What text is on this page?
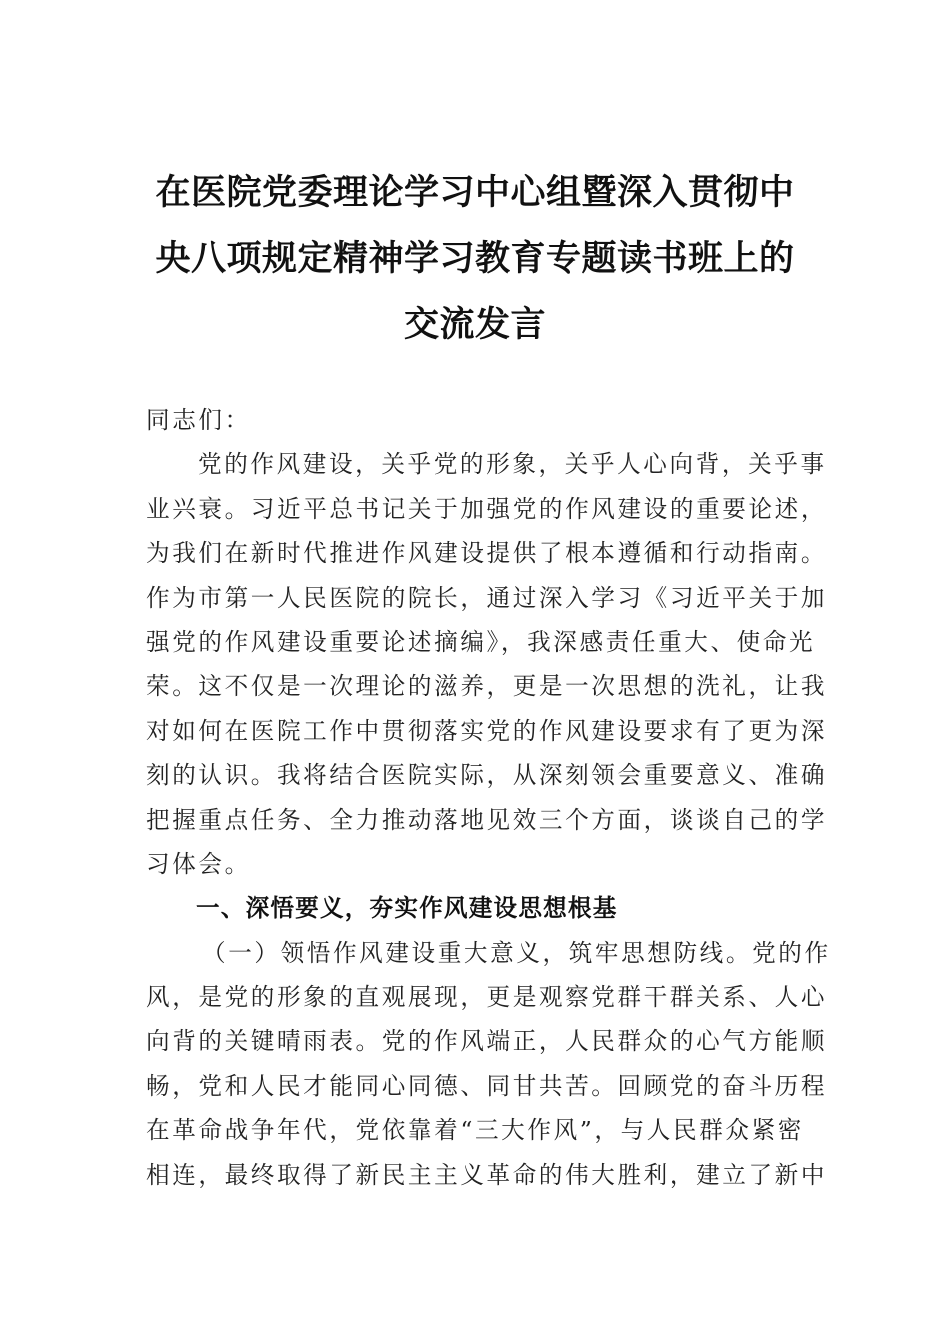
在医院党委理论学习中心组暨深入贯彻中
央八项规定精神学习教育专题读书班上的
交流发言
同志们：
党的作风建设，关乎党的形象，关乎人心向背，关乎事
业兴衰。习近平总书记关于加强党的作风建设的重要论述，
为我们在新时代推进作风建设提供了根本遵循和行动指南。
作为市第一人民医院的院长，通过深入学习《习近平关于加
强党的作风建设重要论述摘编》，我深感责任重大、使命光
荣。这不仅是一次理论的滋养，更是一次思想的洗礼，让我
对如何在医院工作中贯彻落实党的作风建设要求有了更为深
刻的认识。我将结合医院实际，从深刻领会重要意义、准确
把握重点任务、全力推动落地见效三个方面，谈谈自己的学
习体会。
一、深悟要义，夯实作风建设思想根基
（一）领悟作风建设重大意义，筑牢思想防线。党的作
风，是党的形象的直观展现，更是观察党群干群关系、人心
向背的关键晴雨表。党的作风端正，人民群众的心气方能顺
畅，党和人民才能同心同德、同甘共苦。回顾党的奋斗历程
在革命战争年代，党依靠着“三大作风”，与人民群众紧密
相连，最终取得了新民主主义革命的伟大胜利，建立了新中
